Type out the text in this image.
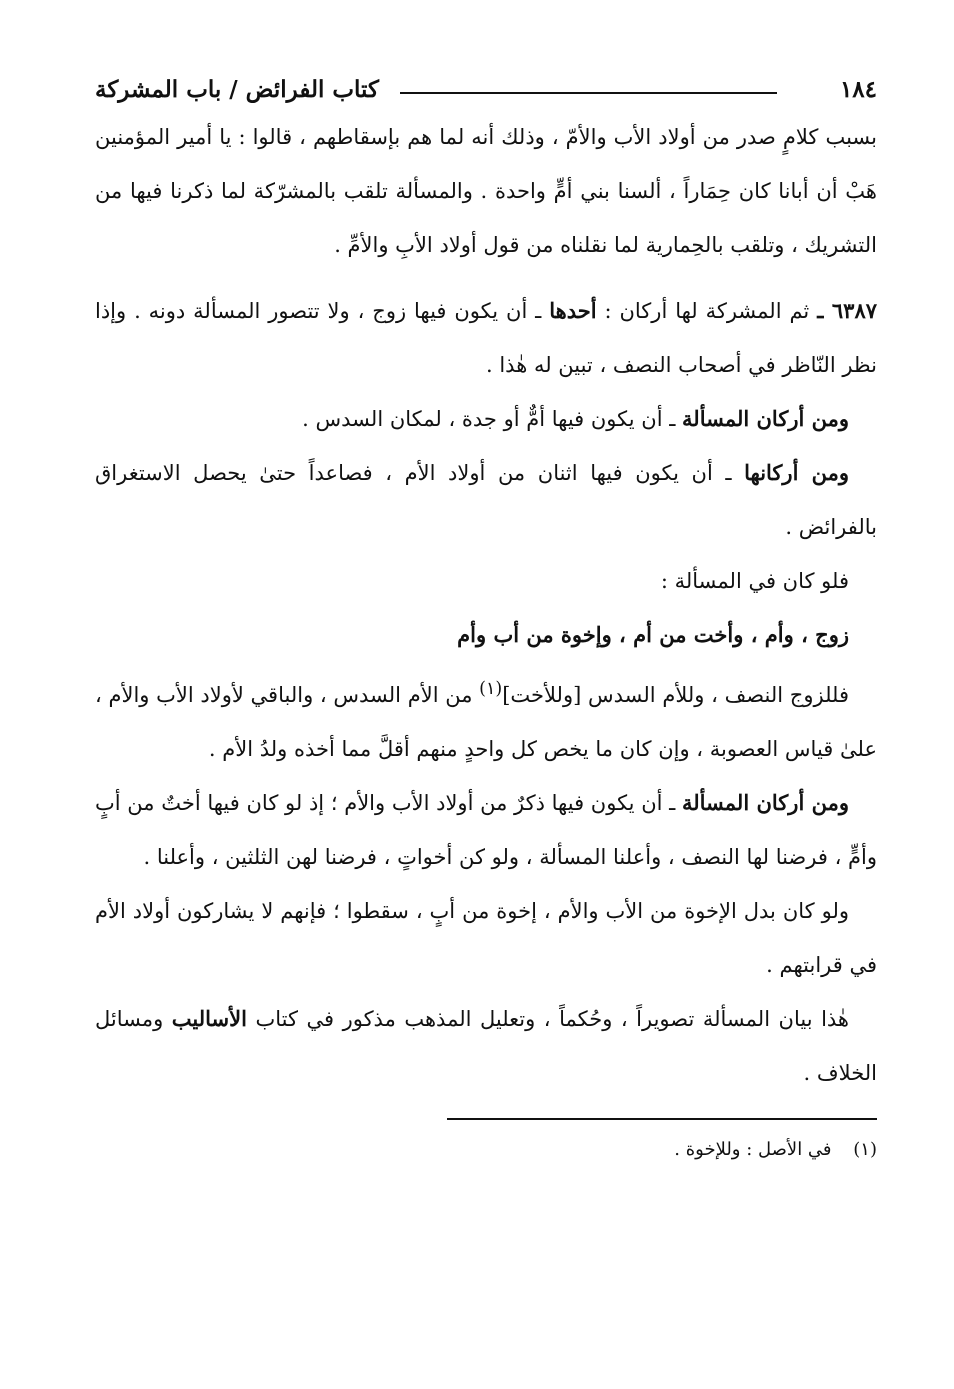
١٨٤
كتاب الفرائض / باب المشركة

بسبب كلامٍ صدر من أولاد الأب والأمّ ، وذلك أنه لما هم بإسقاطهم ، قالوا : يا أمير المؤمنين هَبْ أن أبانا كان حِمَاراً ، ألسنا بني أمٍّ واحدة . والمسألة تلقب بالمشرّكة لما ذكرنا فيها من التشريك ، وتلقب بالحِمارية لما نقلناه من قول أولاد الأبِ والأمِّ .

٦٣٨٧ ـ ثم المشركة لها أركان : أحدها ـ أن يكون فيها زوج ، ولا تتصور المسألة دونه . وإذا نظر النّاظر في أصحاب النصف ، تبين له هٰذا .

ومن أركان المسألة ـ أن يكون فيها أمٌّ أو جدة ، لمكان السدس .

ومن أركانها ـ أن يكون فيها اثنان من أولاد الأم ، فصاعداً حتىٰ يحصل الاستغراق بالفرائض .

فلو كان في المسألة :

زوج ، وأم ، وأخت من أم ، وإخوة من أب وأم

فللزوج النصف ، وللأم السدس [وللأخت]$^{(١)}$ من الأم السدس ، والباقي لأولاد الأب والأم ، علىٰ قياس العصوبة ، وإن كان ما يخص كل واحدٍ منهم أقلَّ مما أخذه ولدُ الأم .

ومن أركان المسألة ـ أن يكون فيها ذكرٌ من أولاد الأب والأم ؛ إذ لو كان فيها أختٌ من أبٍ وأمٍّ ، فرضنا لها النصف ، وأعلنا المسألة ، ولو كن أخواتٍ ، فرضنا لهن الثلثين ، وأعلنا .

ولو كان بدل الإخوة من الأب والأم ، إخوة من أبٍ ، سقطوا ؛ فإنهم لا يشاركون أولاد الأم في قرابتهم .

هٰذا بيان المسألة تصويراً ، وحُكماً ، وتعليل المذهب مذكور في كتاب الأساليب ومسائل الخلاف .

(١) في الأصل : وللإخوة .
